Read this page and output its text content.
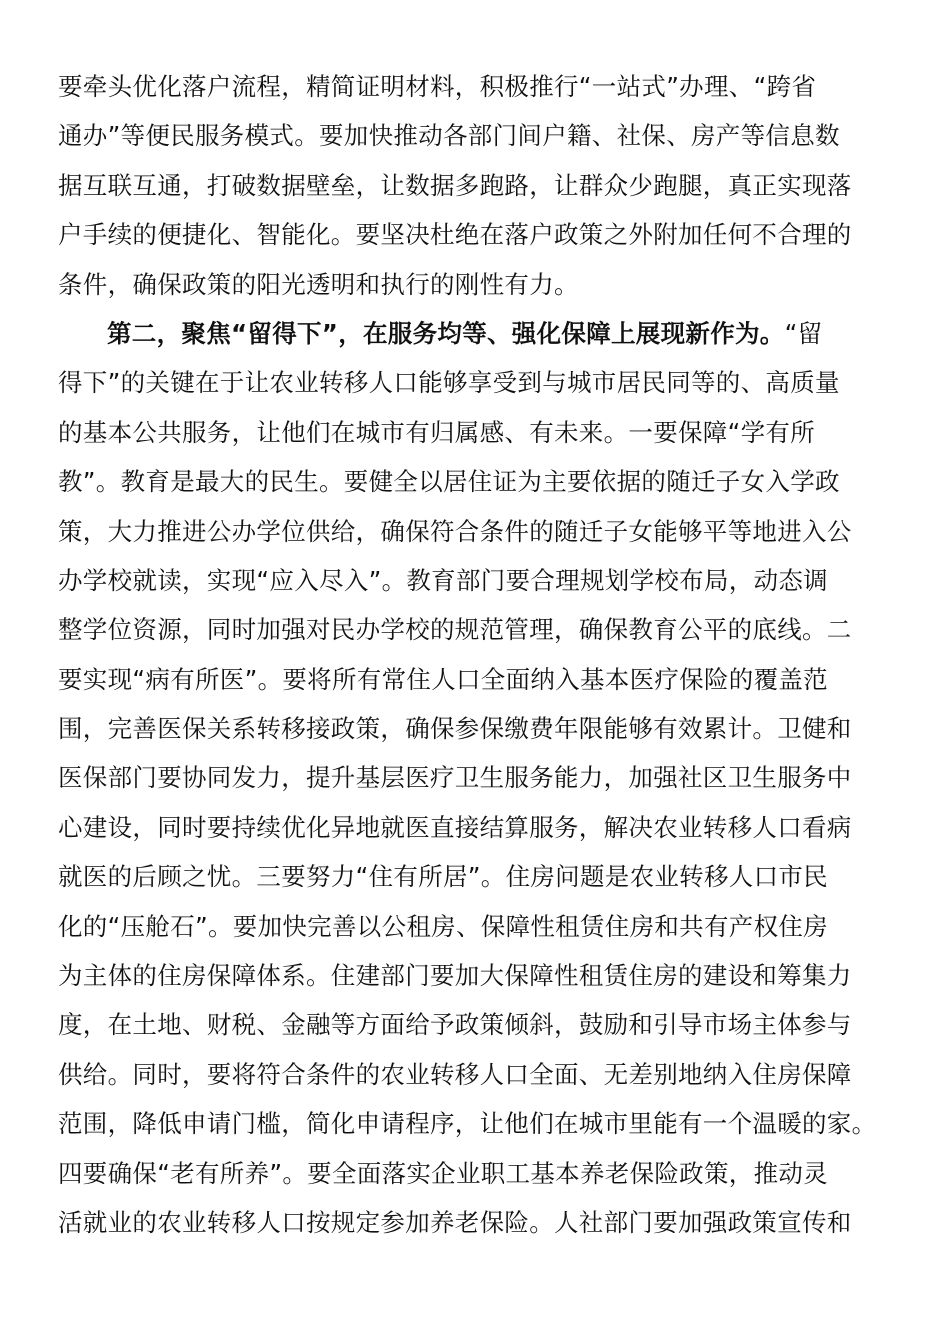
要牵头优化落户流程，精简证明材料，积极推行“一站式”办理、“跨省
通办”等便民服务模式。要加快推动各部门间户籍、社保、房产等信息数
据互联互通，打破数据壁垒，让数据多跑路，让群众少跑腿，真正实现落
户手续的便捷化、智能化。要坚决杜绝在落户政策之外附加任何不合理的
条件，确保政策的阳光透明和执行的刚性有力。
第二，聚焦“留得下”，在服务均等、强化保障上展现新作为。“留
得下”的关键在于让农业转移人口能够享受到与城市居民同等的、高质量
的基本公共服务，让他们在城市有归属感、有未来。一要保障“学有所
教”。教育是最大的民生。要健全以居住证为主要依据的随迁子女入学政
策，大力推进公办学位供给，确保符合条件的随迁子女能够平等地进入公
办学校就读，实现“应入尽入”。教育部门要合理规划学校布局，动态调
整学位资源，同时加强对民办学校的规范管理，确保教育公平的底线。二
要实现“病有所医”。要将所有常住人口全面纳入基本医疗保险的覆盖范
围，完善医保关系转移接政策，确保参保缴费年限能够有效累计。卫健和
医保部门要协同发力，提升基层医疗卫生服务能力，加强社区卫生服务中
心建设，同时要持续优化异地就医直接结算服务，解决农业转移人口看病
就医的后顾之忧。三要努力“住有所居”。住房问题是农业转移人口市民
化的“压舱石”。要加快完善以公租房、保障性租赁住房和共有产权住房
为主体的住房保障体系。住建部门要加大保障性租赁住房的建设和筹集力
度，在土地、财税、金融等方面给予政策倾斜，鼓励和引导市场主体参与
供给。同时，要将符合条件的农业转移人口全面、无差别地纳入住房保障
范围，降低申请门槛，简化申请程序，让他们在城市里能有一个温暖的家。
四要确保“老有所养”。要全面落实企业职工基本养老保险政策，推动灵
活就业的农业转移人口按规定参加养老保险。人社部门要加强政策宣传和
